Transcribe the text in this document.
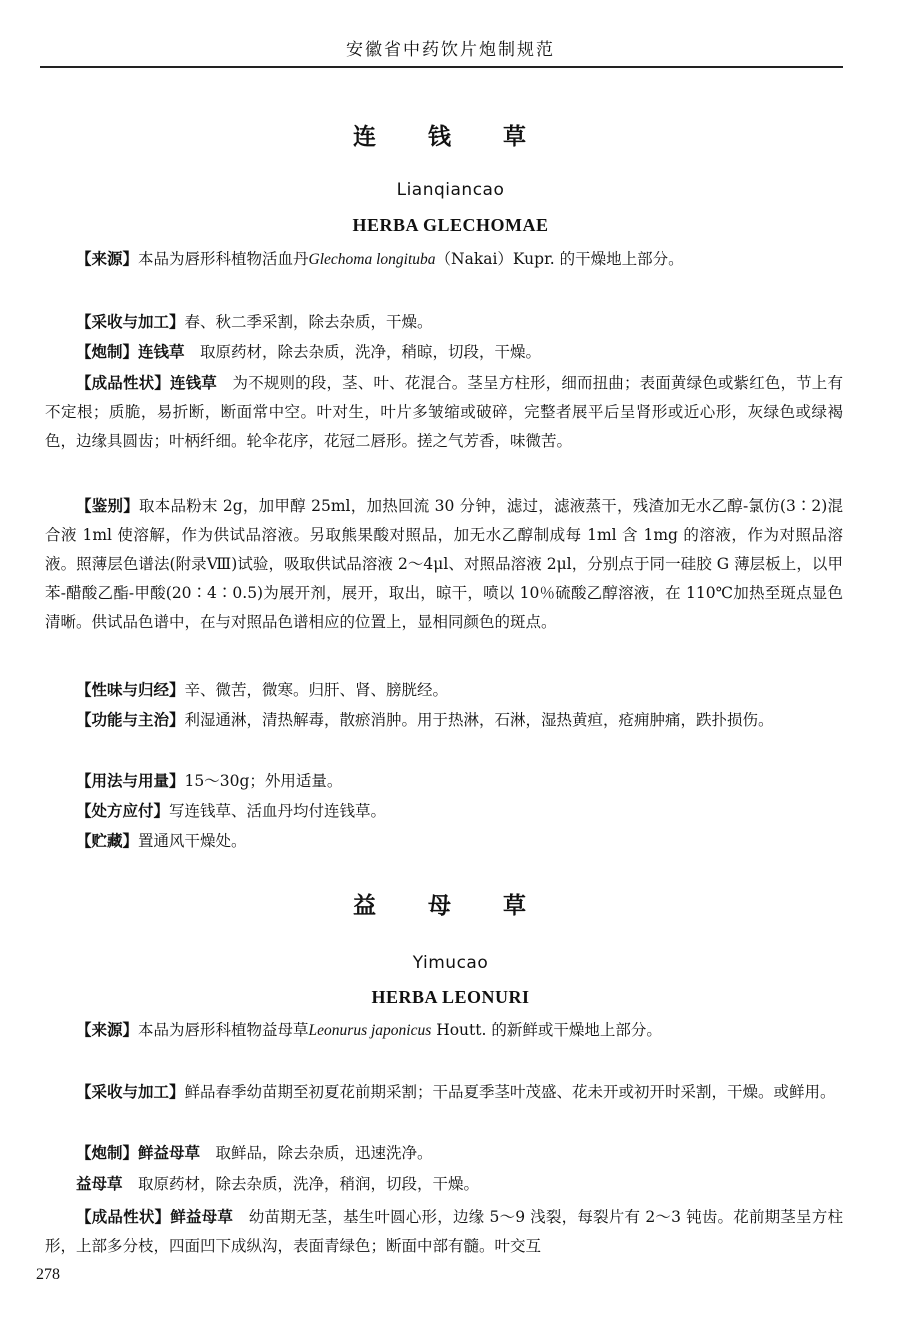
安徽省中药饮片炮制规范
连 钱 草
Lianqiancao
HERBA GLECHOMAE
【来源】本品为唇形科植物活血丹Glechoma longituba（Nakai）Kupr. 的干燥地上部分。
【采收与加工】春、秋二季采割，除去杂质，干燥。
【炮制】连钱草　取原药材，除去杂质，洗净，稍晾，切段，干燥。
【成品性状】连钱草　为不规则的段，茎、叶、花混合。茎呈方柱形，细而扭曲；表面黄绿色或紫红色，节上有不定根；质脆，易折断，断面常中空。叶对生，叶片多皱缩或破碎，完整者展平后呈肾形或近心形，灰绿色或绿褐色，边缘具圆齿；叶柄纤细。轮伞花序，花冠二唇形。搓之气芳香，味微苦。
【鉴别】取本品粉末 2g，加甲醇 25ml，加热回流 30 分钟，滤过，滤液蒸干，残渣加无水乙醇-氯仿(3∶2)混合液 1ml 使溶解，作为供试品溶液。另取熊果酸对照品，加无水乙醇制成每 1ml 含 1mg 的溶液，作为对照品溶液。照薄层色谱法(附录Ⅷ)试验，吸取供试品溶液 2～4μl、对照品溶液 2μl，分别点于同一硅胶 G 薄层板上，以甲苯-醋酸乙酯-甲酸(20∶4∶0.5)为展开剂，展开，取出，晾干，喷以 10％硫酸乙醇溶液，在 110℃加热至斑点显色清晰。供试品色谱中，在与对照品色谱相应的位置上，显相同颜色的斑点。
【性味与归经】辛、微苦，微寒。归肝、肾、膀胱经。
【功能与主治】利湿通淋，清热解毒，散瘀消肿。用于热淋，石淋，湿热黄疸，疮痈肿痛，跌扑损伤。
【用法与用量】15～30g；外用适量。
【处方应付】写连钱草、活血丹均付连钱草。
【贮藏】置通风干燥处。
益 母 草
Yimucao
HERBA LEONURI
【来源】本品为唇形科植物益母草Leonurus japonicus Houtt. 的新鲜或干燥地上部分。
【采收与加工】鲜品春季幼苗期至初夏花前期采割；干品夏季茎叶茂盛、花未开或初开时采割，干燥。或鲜用。
【炮制】鲜益母草　取鲜品，除去杂质，迅速洗净。
益母草　取原药材，除去杂质，洗净，稍润，切段，干燥。
【成品性状】鲜益母草　幼苗期无茎，基生叶圆心形，边缘 5～9 浅裂，每裂片有 2～3 钝齿。花前期茎呈方柱形，上部多分枝，四面凹下成纵沟，表面青绿色；断面中部有髓。叶交互
278
